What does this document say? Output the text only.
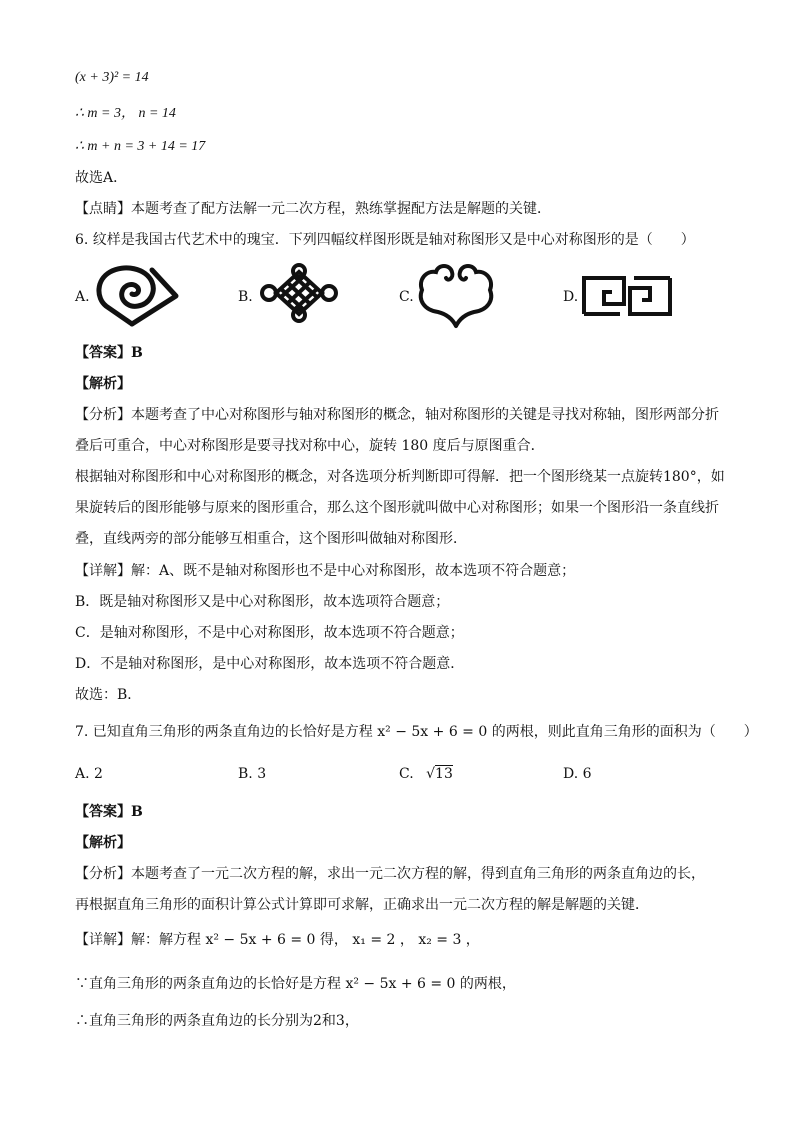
(x + 3)² = 14
∴ m = 3， n = 14
∴ m + n = 3 + 14 = 17
故选A．
【点睛】本题考查了配方法解一元二次方程，熟练掌握配方法是解题的关键．
6. 纹样是我国古代艺术中的瑰宝．下列四幅纹样图形既是轴对称图形又是中心对称图形的是（　　）
A.	B.	C.	D.
【答案】B
【解析】
【分析】本题考查了中心对称图形与轴对称图形的概念，轴对称图形的关键是寻找对称轴，图形两部分折
叠后可重合，中心对称图形是要寻找对称中心，旋转 180 度后与原图重合．
根据轴对称图形和中心对称图形的概念，对各选项分析判断即可得解．把一个图形绕某一点旋转180°，如
果旋转后的图形能够与原来的图形重合，那么这个图形就叫做中心对称图形；如果一个图形沿一条直线折
叠，直线两旁的部分能够互相重合，这个图形叫做轴对称图形．
【详解】解：A、既不是轴对称图形也不是中心对称图形，故本选项不符合题意；
B．既是轴对称图形又是中心对称图形，故本选项符合题意；
C．是轴对称图形，不是中心对称图形，故本选项不符合题意；
D．不是轴对称图形，是中心对称图形，故本选项不符合题意．
故选：B．
7. 已知直角三角形的两条直角边的长恰好是方程 x² − 5x + 6 = 0 的两根，则此直角三角形的面积为（　　）
A. 2	B. 3	C. √13	D. 6
【答案】B
【解析】
【分析】本题考查了一元二次方程的解，求出一元二次方程的解，得到直角三角形的两条直角边的长，
再根据直角三角形的面积计算公式计算即可求解，正确求出一元二次方程的解是解题的关键．
【详解】解：解方程 x² − 5x + 6 = 0 得， x₁ = 2 ， x₂ = 3 ，
∵直角三角形的两条直角边的长恰好是方程 x² − 5x + 6 = 0 的两根，
∴直角三角形的两条直角边的长分别为2和3，
